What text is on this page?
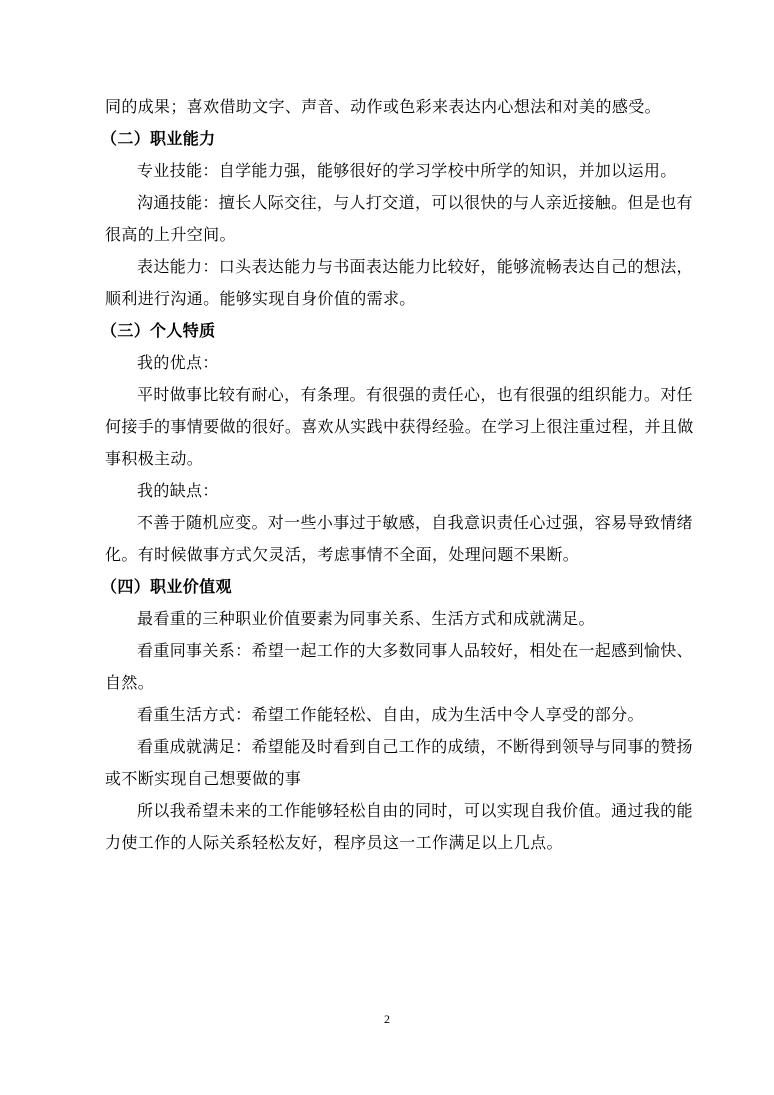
同的成果；喜欢借助文字、声音、动作或色彩来表达内心想法和对美的感受。

（二）职业能力

专业技能：自学能力强，能够很好的学习学校中所学的知识，并加以运用。

沟通技能：擅长人际交往，与人打交道，可以很快的与人亲近接触。但是也有

很高的上升空间。

表达能力：口头表达能力与书面表达能力比较好，能够流畅表达自己的想法，

顺利进行沟通。能够实现自身价值的需求。

（三）个人特质

我的优点：

平时做事比较有耐心，有条理。有很强的责任心，也有很强的组织能力。对任

何接手的事情要做的很好。喜欢从实践中获得经验。在学习上很注重过程，并且做

事积极主动。

我的缺点：

不善于随机应变。对一些小事过于敏感，自我意识责任心过强，容易导致情绪

化。有时候做事方式欠灵活，考虑事情不全面，处理问题不果断。

（四）职业价值观

最看重的三种职业价值要素为同事关系、生活方式和成就满足。

看重同事关系：希望一起工作的大多数同事人品较好，相处在一起感到愉快、

自然。

看重生活方式：希望工作能轻松、自由，成为生活中令人享受的部分。

看重成就满足：希望能及时看到自己工作的成绩，不断得到领导与同事的赞扬

或不断实现自己想要做的事

所以我希望未来的工作能够轻松自由的同时，可以实现自我价值。通过我的能

力使工作的人际关系轻松友好，程序员这一工作满足以上几点。

2
